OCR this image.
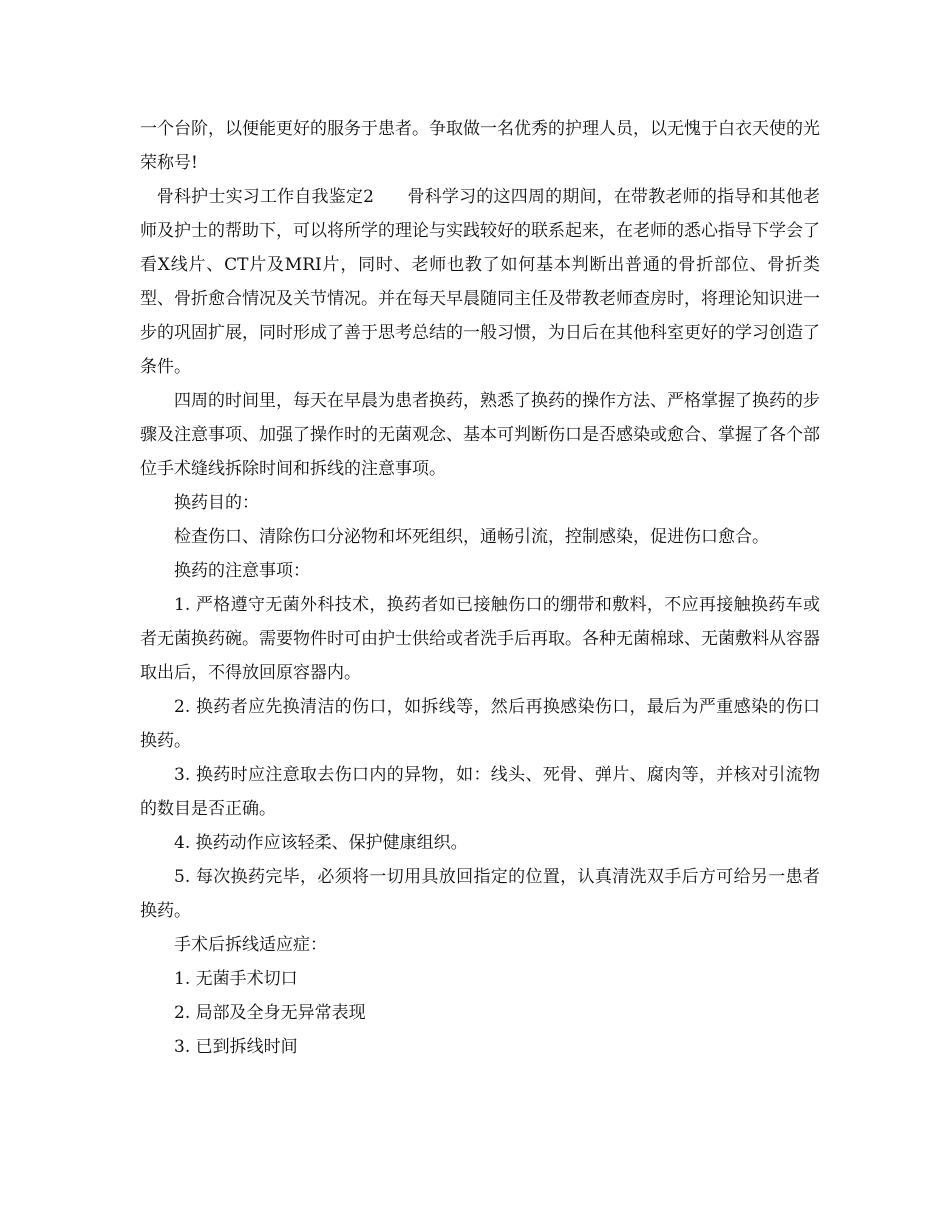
一个台阶，以便能更好的服务于患者。争取做一名优秀的护理人员，以无愧于白衣天使的光荣称号!

骨科护士实习工作自我鉴定2      骨科学习的这四周的期间，在带教老师的指导和其他老师及护士的帮助下，可以将所学的理论与实践较好的联系起来，在老师的悉心指导下学会了看X线片、CT片及MRI片，同时、老师也教了如何基本判断出普通的骨折部位、骨折类型、骨折愈合情况及关节情况。并在每天早晨随同主任及带教老师查房时，将理论知识进一步的巩固扩展，同时形成了善于思考总结的一般习惯，为日后在其他科室更好的学习创造了条件。

四周的时间里，每天在早晨为患者换药，熟悉了换药的操作方法、严格掌握了换药的步骤及注意事项、加强了操作时的无菌观念、基本可判断伤口是否感染或愈合、掌握了各个部位手术缝线拆除时间和拆线的注意事项。

换药目的：

检查伤口、清除伤口分泌物和坏死组织，通畅引流，控制感染，促进伤口愈合。

换药的注意事项：

1. 严格遵守无菌外科技术，换药者如已接触伤口的绷带和敷料，不应再接触换药车或者无菌换药碗。需要物件时可由护士供给或者洗手后再取。各种无菌棉球、无菌敷料从容器取出后，不得放回原容器内。

2. 换药者应先换清洁的伤口，如拆线等，然后再换感染伤口，最后为严重感染的伤口换药。

3. 换药时应注意取去伤口内的异物，如：线头、死骨、弹片、腐肉等，并核对引流物的数目是否正确。

4. 换药动作应该轻柔、保护健康组织。

5. 每次换药完毕，必须将一切用具放回指定的位置，认真清洗双手后方可给另一患者换药。

手术后拆线适应症：

1. 无菌手术切口

2. 局部及全身无异常表现

3. 已到拆线时间
